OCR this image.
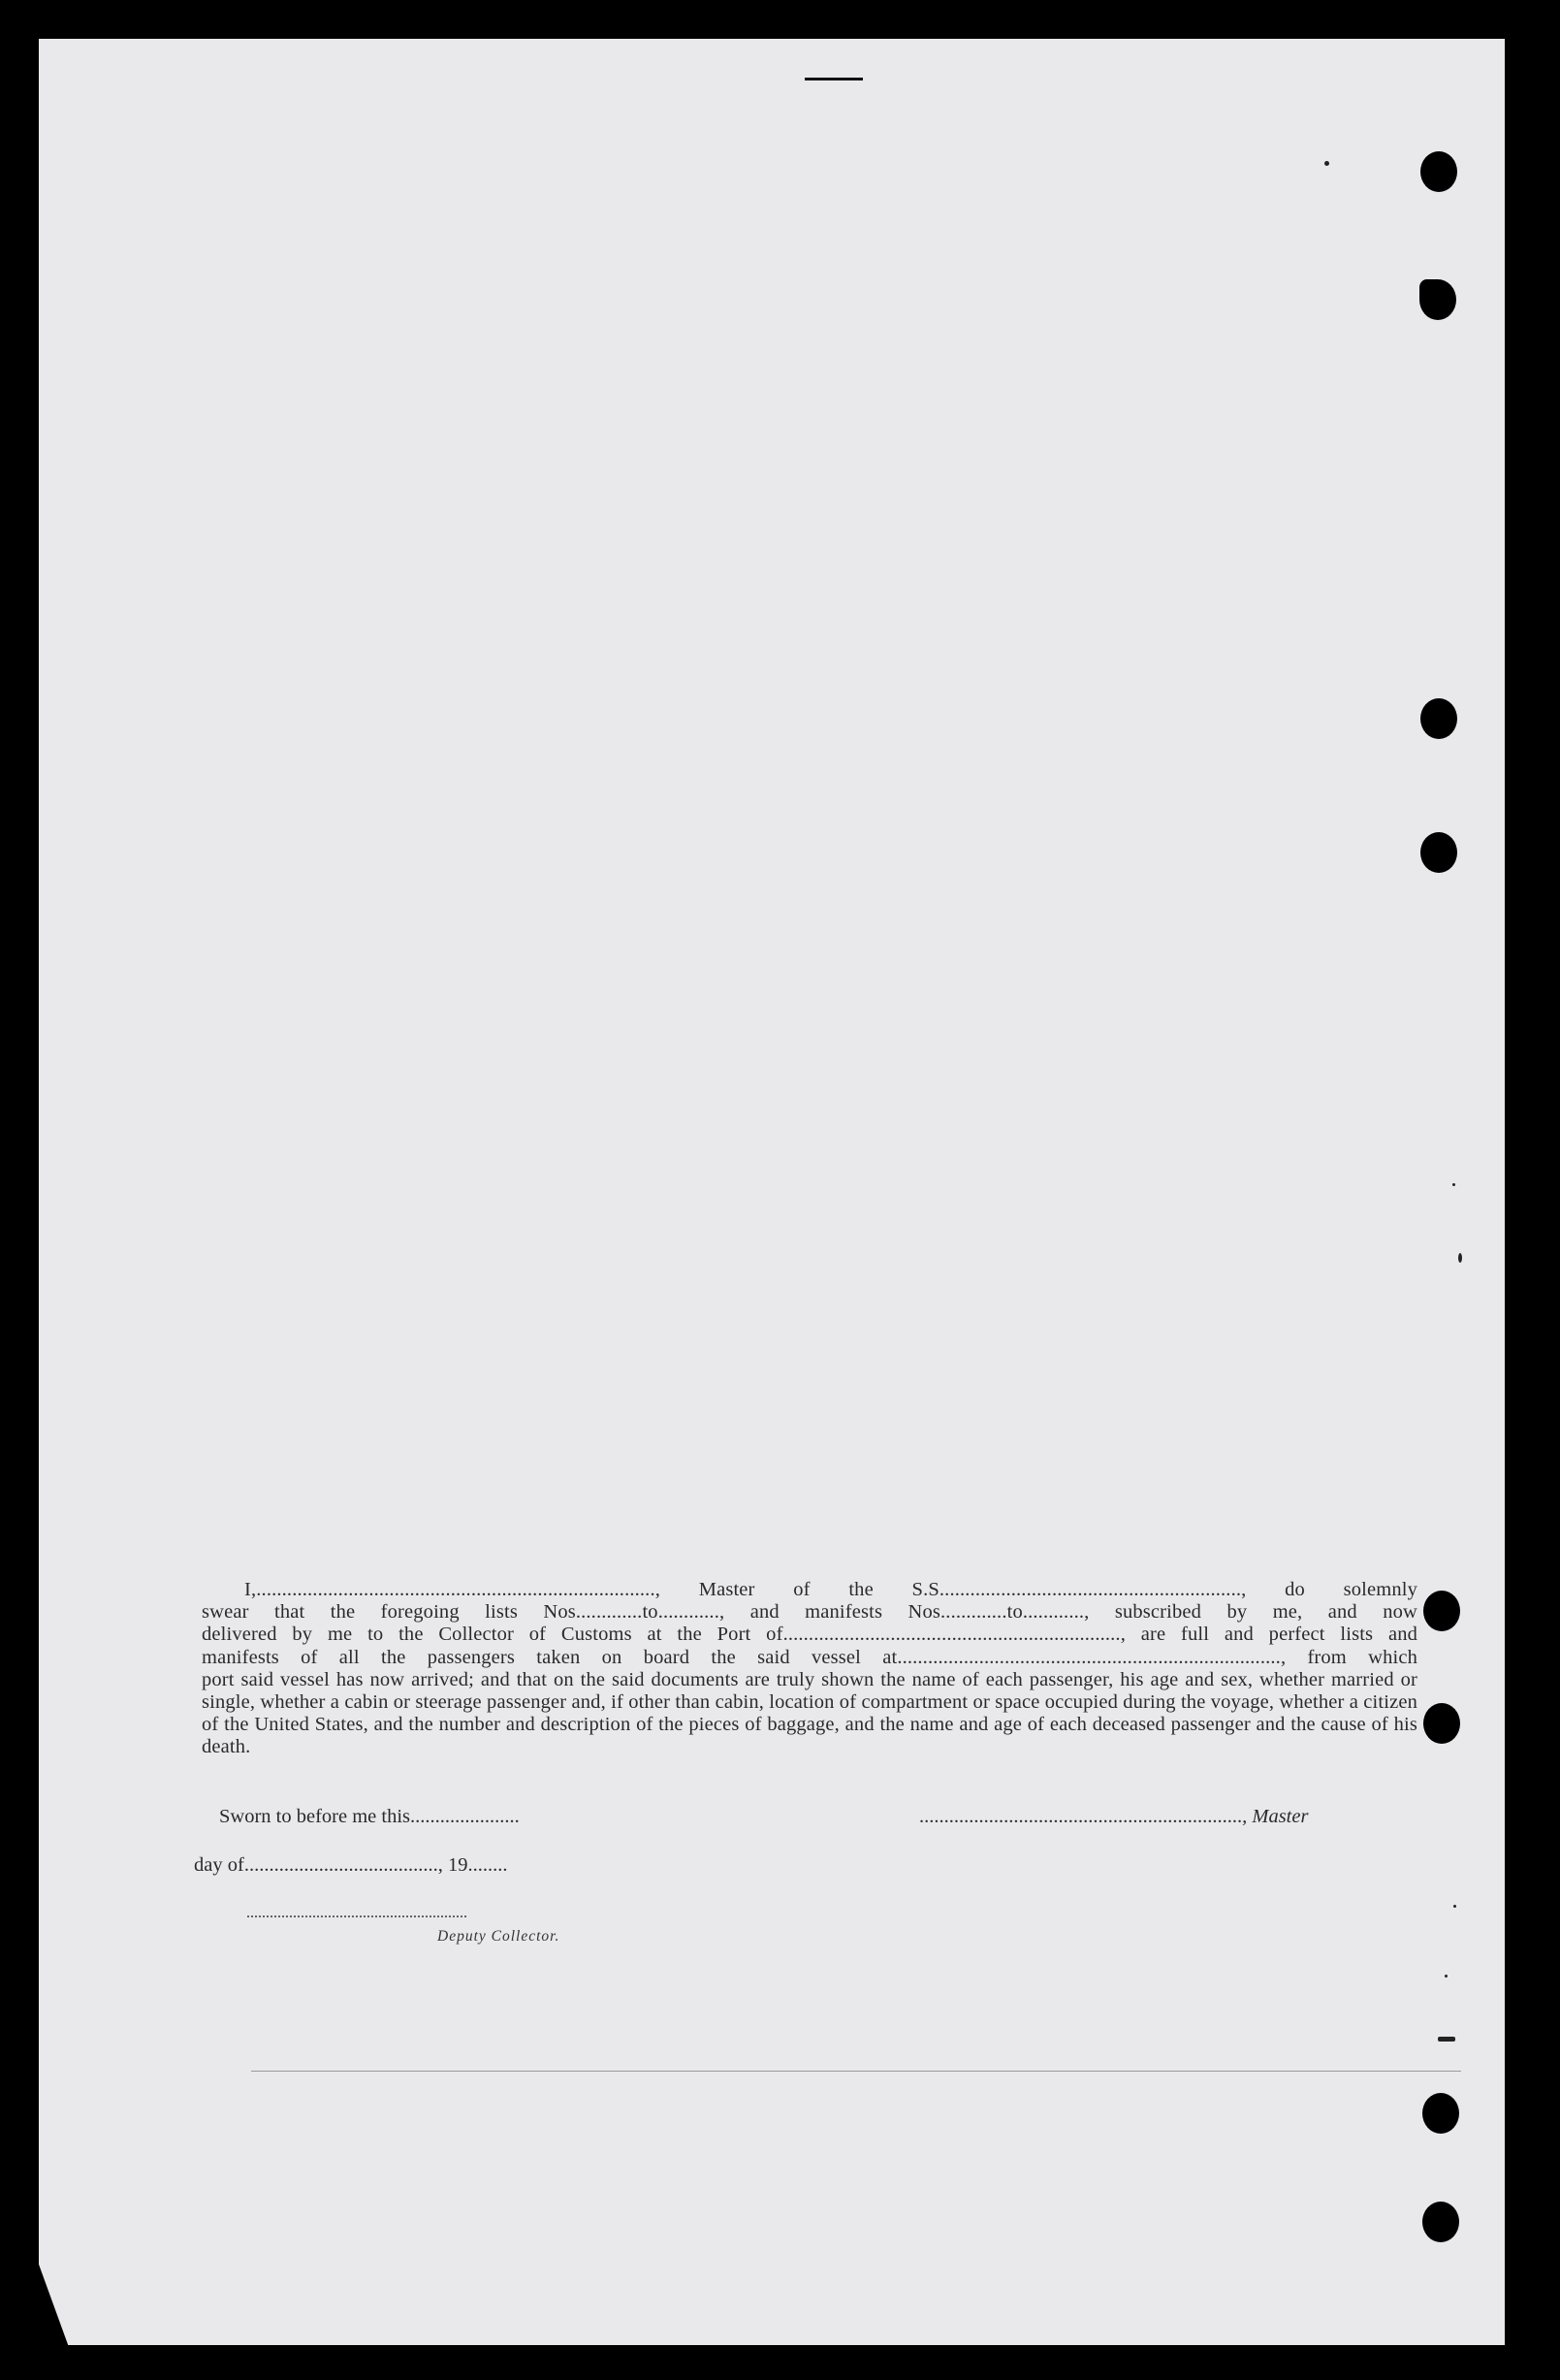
I,.............................................................................., Master of the S.S..........................................................., do solemnly
swear that the foregoing lists Nos.............to............, and manifests Nos.............to............, subscribed by me, and now
delivered by me to the Collector of Customs at the Port of.................................................................., are full and perfect lists and
manifests of all the passengers taken on board the said vessel at..........................................................................., from which
port said vessel has now arrived; and that on the said documents are truly shown the name of each passenger, his age and sex, whether married or single, whether a cabin or steerage passenger and, if other than cabin, location of compartment or space occupied during the voyage, whether a citizen of the United States, and the number and description of the pieces of baggage, and the name and age of each deceased passenger and the cause of his death.
Sworn to before me this......................	................................................................., Master
day of......................................., 19........
.........................................................
Deputy Collector.
